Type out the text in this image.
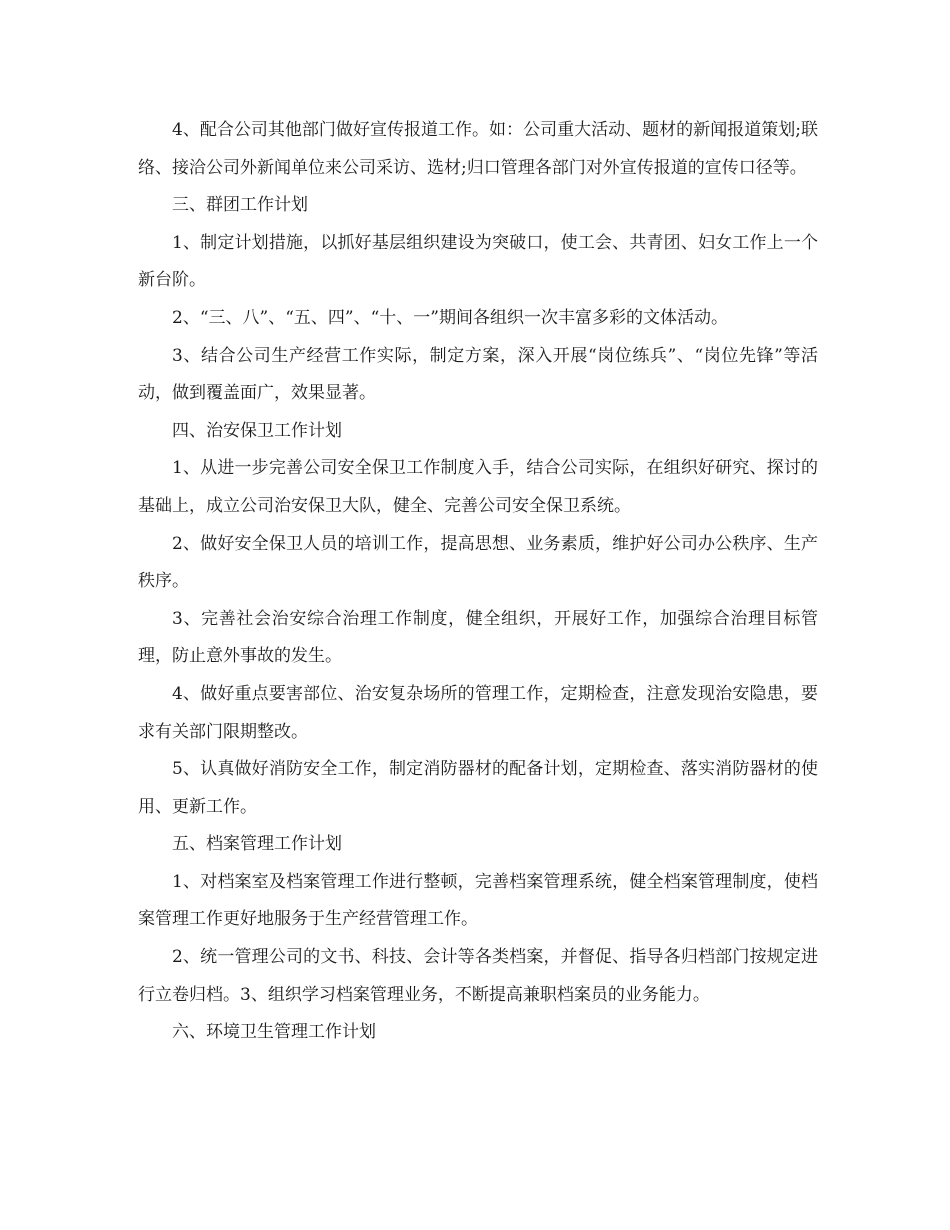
4、配合公司其他部门做好宣传报道工作。如：公司重大活动、题材的新闻报道策划;联络、接洽公司外新闻单位来公司采访、选材;归口管理各部门对外宣传报道的宣传口径等。

三、群团工作计划

1、制定计划措施，以抓好基层组织建设为突破口，使工会、共青团、妇女工作上一个新台阶。

2、“三、八”、“五、四”、“十、一”期间各组织一次丰富多彩的文体活动。

3、结合公司生产经营工作实际，制定方案，深入开展“岗位练兵”、“岗位先锋”等活动，做到覆盖面广，效果显著。

四、治安保卫工作计划

1、从进一步完善公司安全保卫工作制度入手，结合公司实际，在组织好研究、探讨的基础上，成立公司治安保卫大队，健全、完善公司安全保卫系统。

2、做好安全保卫人员的培训工作，提高思想、业务素质，维护好公司办公秩序、生产秩序。

3、完善社会治安综合治理工作制度，健全组织，开展好工作，加强综合治理目标管理，防止意外事故的发生。

4、做好重点要害部位、治安复杂场所的管理工作，定期检查，注意发现治安隐患，要求有关部门限期整改。

5、认真做好消防安全工作，制定消防器材的配备计划，定期检查、落实消防器材的使用、更新工作。

五、档案管理工作计划

1、对档案室及档案管理工作进行整顿，完善档案管理系统，健全档案管理制度，使档案管理工作更好地服务于生产经营管理工作。

2、统一管理公司的文书、科技、会计等各类档案，并督促、指导各归档部门按规定进行立卷归档。3、组织学习档案管理业务，不断提高兼职档案员的业务能力。

六、环境卫生管理工作计划
